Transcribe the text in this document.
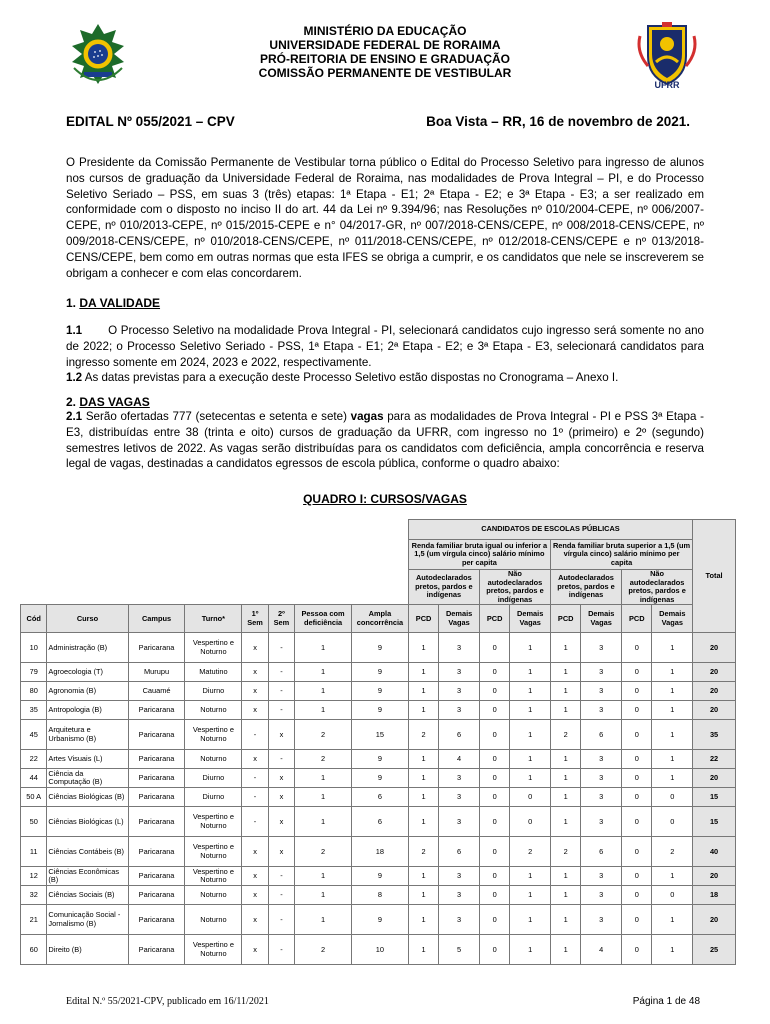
MINISTÉRIO DA EDUCAÇÃO
UNIVERSIDADE FEDERAL DE RORAIMA
PRÓ-REITORIA DE ENSINO E GRADUAÇÃO
COMISSÃO PERMANENTE DE VESTIBULAR
UFRR
EDITAL Nº 055/2021 – CPV	Boa Vista – RR, 16 de novembro de 2021.
O Presidente da Comissão Permanente de Vestibular torna público o Edital do Processo Seletivo para ingresso de alunos nos cursos de graduação da Universidade Federal de Roraima, nas modalidades de Prova Integral – PI, e do Processo Seletivo Seriado – PSS, em suas 3 (três) etapas: 1ª Etapa - E1; 2ª Etapa - E2; e 3ª Etapa - E3; a ser realizado em conformidade com o disposto no inciso II do art. 44 da Lei nº 9.394/96; nas Resoluções nº 010/2004-CEPE, nº 006/2007-CEPE, nº 010/2013-CEPE, nº 015/2015-CEPE e n° 04/2017-GR, nº 007/2018-CENS/CEPE, nº 008/2018-CENS/CEPE, nº 009/2018-CENS/CEPE, nº 010/2018-CENS/CEPE, nº 011/2018-CENS/CEPE, nº 012/2018-CENS/CEPE e nº 013/2018-CENS/CEPE, bem como em outras normas que esta IFES se obriga a cumprir, e os candidatos que nele se inscreverem se obrigam a conhecer e com elas concordarem.
1. DA VALIDADE
1.1 O Processo Seletivo na modalidade Prova Integral - PI, selecionará candidatos cujo ingresso será somente no ano de 2022; o Processo Seletivo Seriado - PSS, 1ª Etapa - E1; 2ª Etapa - E2; e 3ª Etapa - E3, selecionará candidatos para ingresso somente em 2024, 2023 e 2022, respectivamente.
1.2 As datas previstas para a execução deste Processo Seletivo estão dispostas no Cronograma – Anexo I.
2. DAS VAGAS
2.1 Serão ofertadas 777 (setecentas e setenta e sete) vagas para as modalidades de Prova Integral - PI e PSS 3ª Etapa - E3, distribuídas entre 38 (trinta e oito) cursos de graduação da UFRR, com ingresso no 1º (primeiro) e 2º (segundo) semestres letivos de 2022. As vagas serão distribuídas para os candidatos com deficiência, ampla concorrência e reserva legal de vagas, destinadas a candidatos egressos de escola pública, conforme o quadro abaixo:
QUADRO I: CURSOS/VAGAS
								CANDIDATOS DE ESCOLAS PÚBLICAS								Total
								Renda familiar bruta igual ou inferior a 1,5 (um vírgula cinco) salário mínimo per capita				Renda familiar bruta superior a 1,5 (um vírgula cinco) salário mínimo per capita				
								Autodeclarados pretos, pardos e indígenas		Não autodeclarados pretos, pardos e indígenas		Autodeclarados pretos, pardos e indígenas		Não autodeclarados pretos, pardos e indígenas		
Cód	Curso	Campus	Turno*	1º Sem	2º Sem	Pessoa com deficiência	Ampla concorrência	PCD	Demais Vagas	PCD	Demais Vagas	PCD	Demais Vagas	PCD	Demais Vagas	
10	Administração (B)	Paricarana	Vespertino e Noturno	x	-	1	9	1	3	0	1	1	3	0	1	20
79	Agroecologia (T)	Murupu	Matutino	x	-	1	9	1	3	0	1	1	3	0	1	20
80	Agronomia (B)	Cauamé	Diurno	x	-	1	9	1	3	0	1	1	3	0	1	20
35	Antropologia (B)	Paricarana	Noturno	x	-	1	9	1	3	0	1	1	3	0	1	20
45	Arquitetura e Urbanismo (B)	Paricarana	Vespertino e Noturno	-	x	2	15	2	6	0	1	2	6	0	1	35
22	Artes Visuais (L)	Paricarana	Noturno	x	-	2	9	1	4	0	1	1	3	0	1	22
44	Ciência da Computação (B)	Paricarana	Diurno	-	x	1	9	1	3	0	1	1	3	0	1	20
50 A	Ciências Biológicas (B)	Paricarana	Diurno	-	x	1	6	1	3	0	0	1	3	0	0	15
50	Ciências Biológicas (L)	Paricarana	Vespertino e Noturno	-	x	1	6	1	3	0	0	1	3	0	0	15
11	Ciências Contábeis (B)	Paricarana	Vespertino e Noturno	x	x	2	18	2	6	0	2	2	6	0	2	40
12	Ciências Econômicas (B)	Paricarana	Vespertino e Noturno	x	-	1	9	1	3	0	1	1	3	0	1	20
32	Ciências Sociais (B)	Paricarana	Noturno	x	-	1	8	1	3	0	1	1	3	0	0	18
21	Comunicação Social - Jornalismo (B)	Paricarana	Noturno	x	-	1	9	1	3	0	1	1	3	0	1	20
60	Direito (B)	Paricarana	Vespertino e Noturno	x	-	2	10	1	5	0	1	1	4	0	1	25
Edital N.º 55/2021-CPV, publicado em 16/11/2021	Página 1 de 48
